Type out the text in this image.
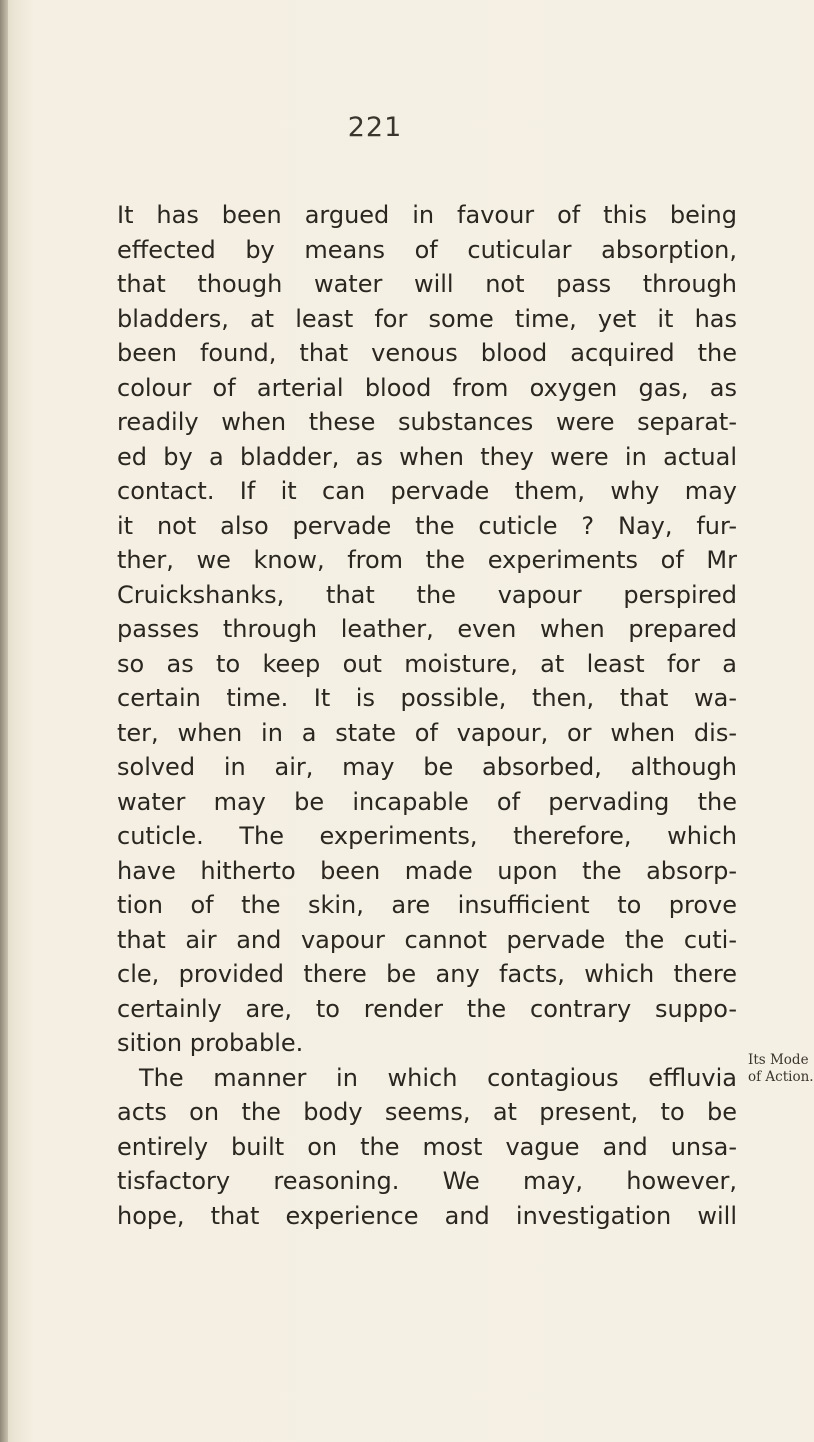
221
It has been argued in favour of this being
effected by means of cuticular absorption,
that though water will not pass through
bladders, at least for some time, yet it has
been found, that venous blood acquired the
colour of arterial blood from oxygen gas, as
readily when these substances were separat-
ed by a bladder, as when they were in actual
contact. If it can pervade them, why may
it not also pervade the cuticle ? Nay, fur-
ther, we know, from the experiments of Mr
Cruickshanks, that the vapour perspired
passes through leather, even when prepared
so as to keep out moisture, at least for a
certain time. It is possible, then, that wa-
ter, when in a state of vapour, or when dis-
solved in air, may be absorbed, although
water may be incapable of pervading the
cuticle. The experiments, therefore, which
have hitherto been made upon the absorp-
tion of the skin, are insufficient to prove
that air and vapour cannot pervade the cuti-
cle, provided there be any facts, which there
certainly are, to render the contrary suppo-
sition probable.
The manner in which contagious effluvia
acts on the body seems, at present, to be
entirely built on the most vague and unsa-
tisfactory reasoning. We may, however,
hope, that experience and investigation will
Its Mode
of Action.
